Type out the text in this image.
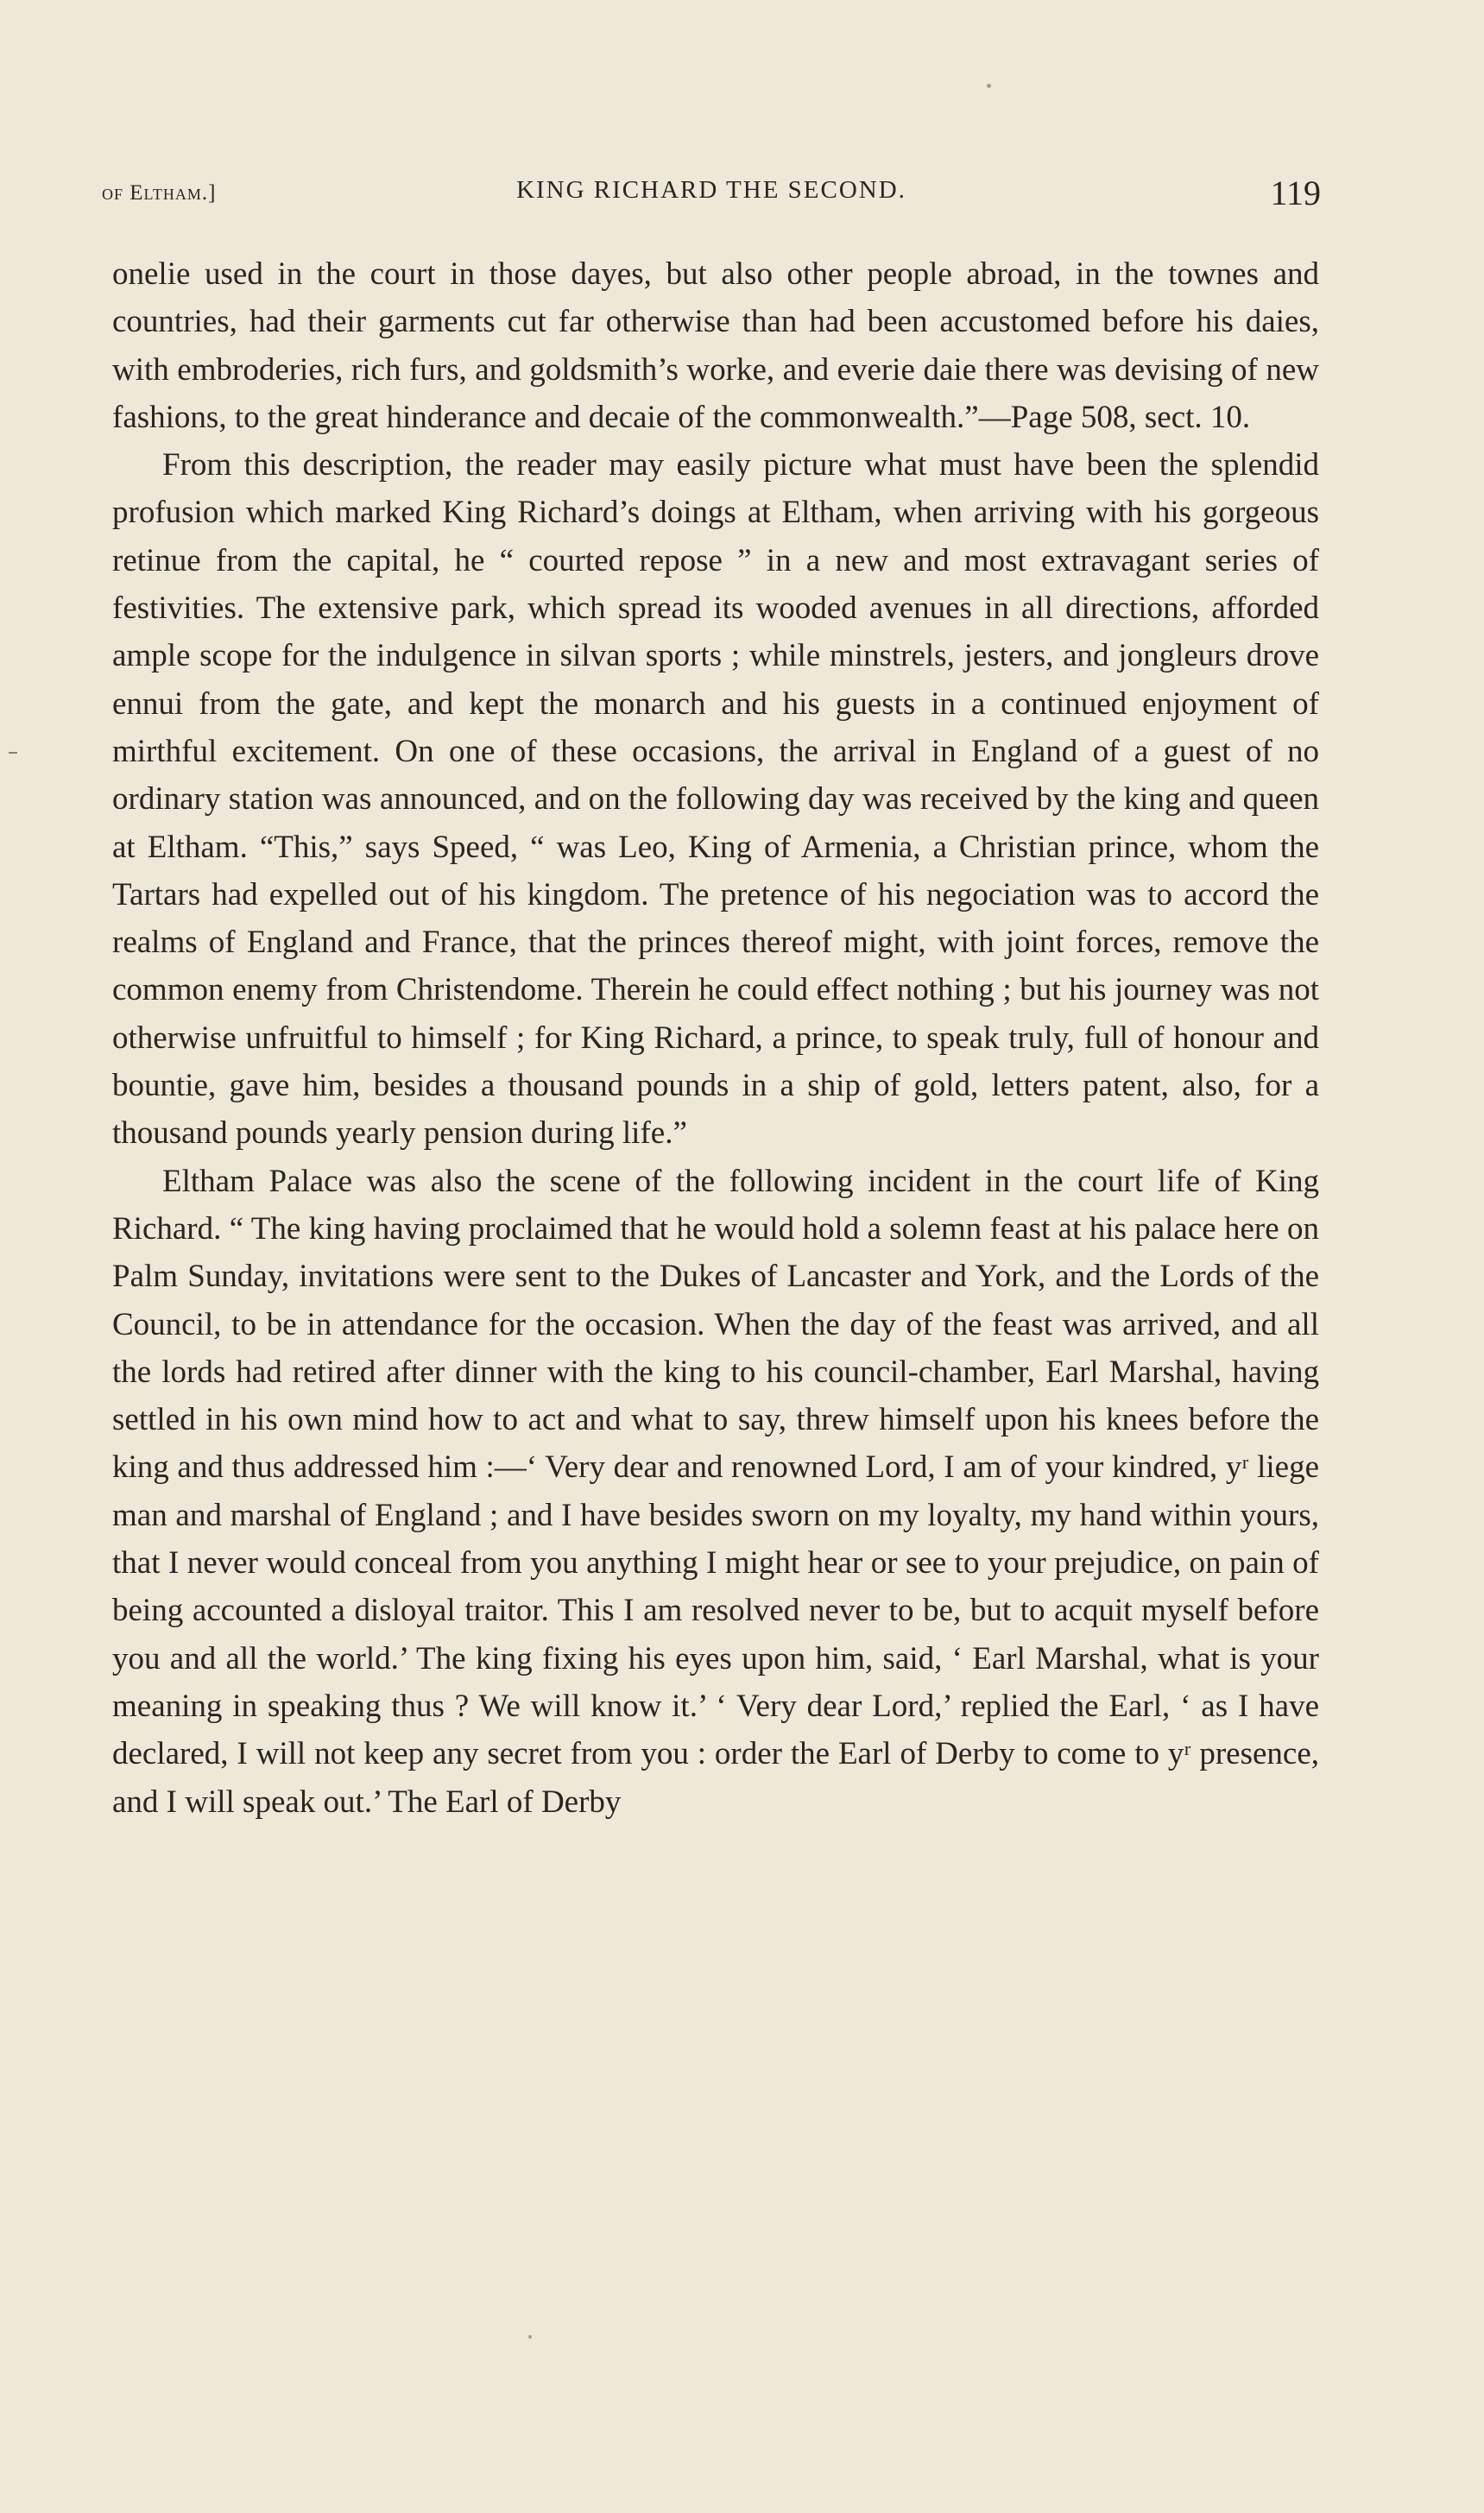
of Eltham.]	KING RICHARD THE SECOND.	119

onelie used in the court in those dayes, but also other people abroad, in the townes and countries, had their garments cut far otherwise than had been accustomed before his daies, with embroderies, rich furs, and goldsmith’s worke, and everie daie there was devising of new fashions, to the great hinderance and decaie of the commonwealth.”—Page 508, sect. 10.

From this description, the reader may easily picture what must have been the splendid profusion which marked King Richard’s doings at Eltham, when arriving with his gorgeous retinue from the capital, he “ courted repose ” in a new and most extravagant series of festivities. The extensive park, which spread its wooded avenues in all directions, afforded ample scope for the indulgence in silvan sports ; while minstrels, jesters, and jongleurs drove ennui from the gate, and kept the monarch and his guests in a continued enjoyment of mirthful excitement. On one of these occasions, the arrival in England of a guest of no ordinary station was announced, and on the following day was received by the king and queen at Eltham. “This,” says Speed, “ was Leo, King of Armenia, a Christian prince, whom the Tartars had expelled out of his kingdom. The pretence of his negociation was to accord the realms of England and France, that the princes thereof might, with joint forces, remove the common enemy from Christendome. Therein he could effect nothing ; but his journey was not otherwise unfruitful to himself ; for King Richard, a prince, to speak truly, full of honour and bountie, gave him, besides a thousand pounds in a ship of gold, letters patent, also, for a thousand pounds yearly pension during life.”

Eltham Palace was also the scene of the following incident in the court life of King Richard. “ The king having proclaimed that he would hold a solemn feast at his palace here on Palm Sunday, invitations were sent to the Dukes of Lancaster and York, and the Lords of the Council, to be in attendance for the occasion. When the day of the feast was arrived, and all the lords had retired after dinner with the king to his council-chamber, Earl Marshal, having settled in his own mind how to act and what to say, threw himself upon his knees before the king and thus addressed him :—‘ Very dear and renowned Lord, I am of your kindred, yʳ liege man and marshal of England ; and I have besides sworn on my loyalty, my hand within yours, that I never would conceal from you anything I might hear or see to your prejudice, on pain of being accounted a disloyal traitor. This I am resolved never to be, but to acquit myself before you and all the world.’ The king fixing his eyes upon him, said, ‘ Earl Marshal, what is your meaning in speaking thus ? We will know it.’ ‘ Very dear Lord,’ replied the Earl, ‘ as I have declared, I will not keep any secret from you : order the Earl of Derby to come to yʳ presence, and I will speak out.’ The Earl of Derby
